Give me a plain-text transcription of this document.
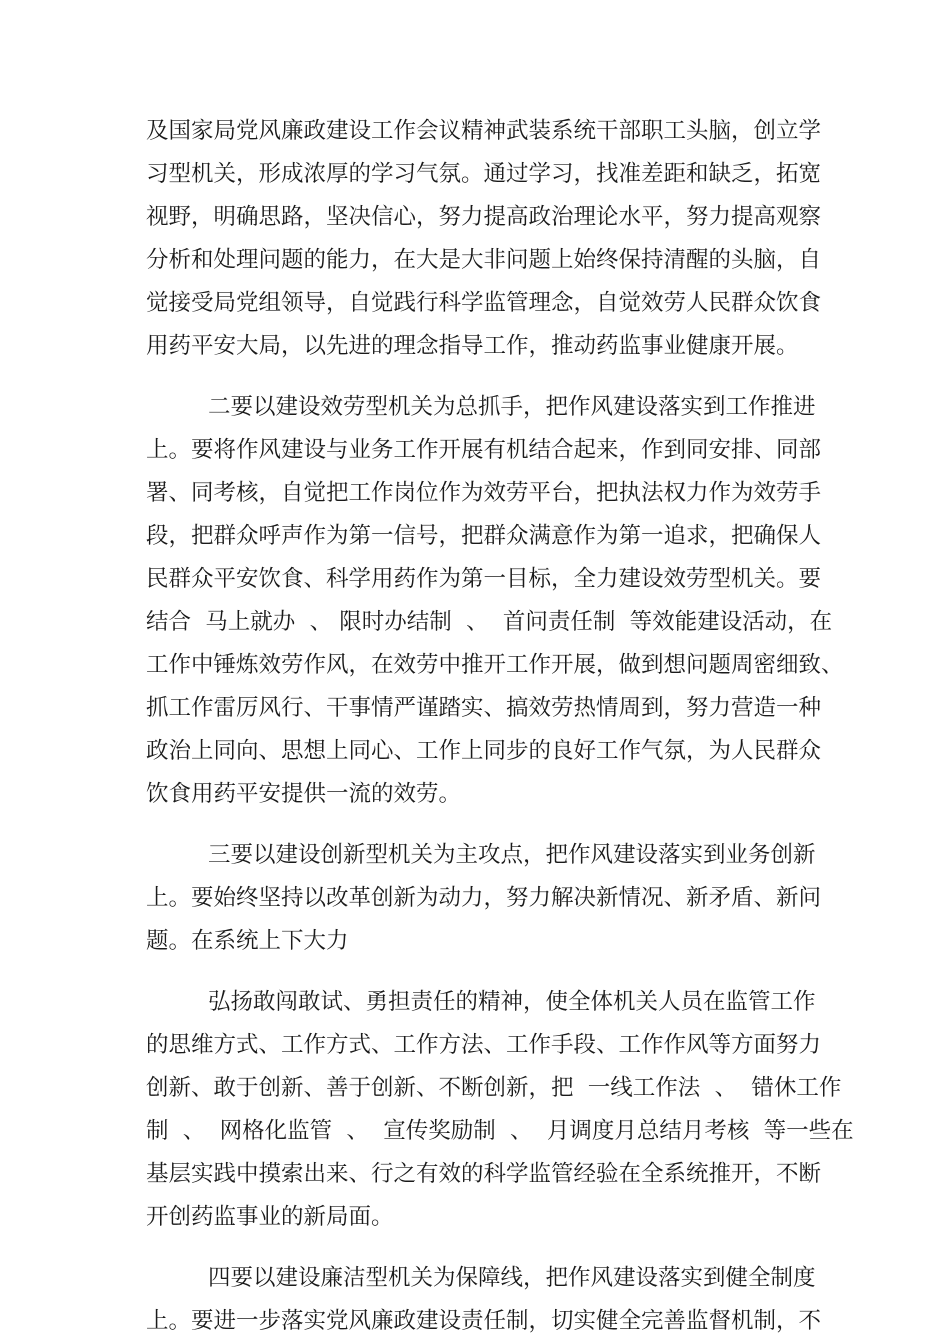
及国家局党风廉政建设工作会议精神武装系统干部职工头脑，创立学
习型机关，形成浓厚的学习气氛。通过学习，找准差距和缺乏，拓宽
视野，明确思路，坚决信心，努力提高政治理论水平，努力提高观察
分析和处理问题的能力，在大是大非问题上始终保持清醒的头脑，自
觉接受局党组领导，自觉践行科学监管理念，自觉效劳人民群众饮食
用药平安大局，以先进的理念指导工作，推动药监事业健康开展。
二要以建设效劳型机关为总抓手，把作风建设落实到工作推进
上。要将作风建设与业务工作开展有机结合起来，作到同安排、同部
署、同考核，自觉把工作岗位作为效劳平台，把执法权力作为效劳手
段，把群众呼声作为第一信号，把群众满意作为第一追求，把确保人
民群众平安饮食、科学用药作为第一目标，全力建设效劳型机关。要
结合  马上就办  、 限时办结制  、  首问责任制  等效能建设活动，在
工作中锤炼效劳作风，在效劳中推开工作开展，做到想问题周密细致、
抓工作雷厉风行、干事情严谨踏实、搞效劳热情周到，努力营造一种
政治上同向、思想上同心、工作上同步的良好工作气氛，为人民群众
饮食用药平安提供一流的效劳。
三要以建设创新型机关为主攻点，把作风建设落实到业务创新
上。要始终坚持以改革创新为动力，努力解决新情况、新矛盾、新问
题。在系统上下大力
弘扬敢闯敢试、勇担责任的精神，使全体机关人员在监管工作
的思维方式、工作方式、工作方法、工作手段、工作作风等方面努力
创新、敢于创新、善于创新、不断创新，把  一线工作法  、  错休工作
制  、  网格化监管  、  宣传奖励制  、  月调度月总结月考核  等一些在
基层实践中摸索出来、行之有效的科学监管经验在全系统推开，不断
开创药监事业的新局面。
四要以建设廉洁型机关为保障线，把作风建设落实到健全制度
上。要进一步落实党风廉政建设责任制，切实健全完善监督机制，不
